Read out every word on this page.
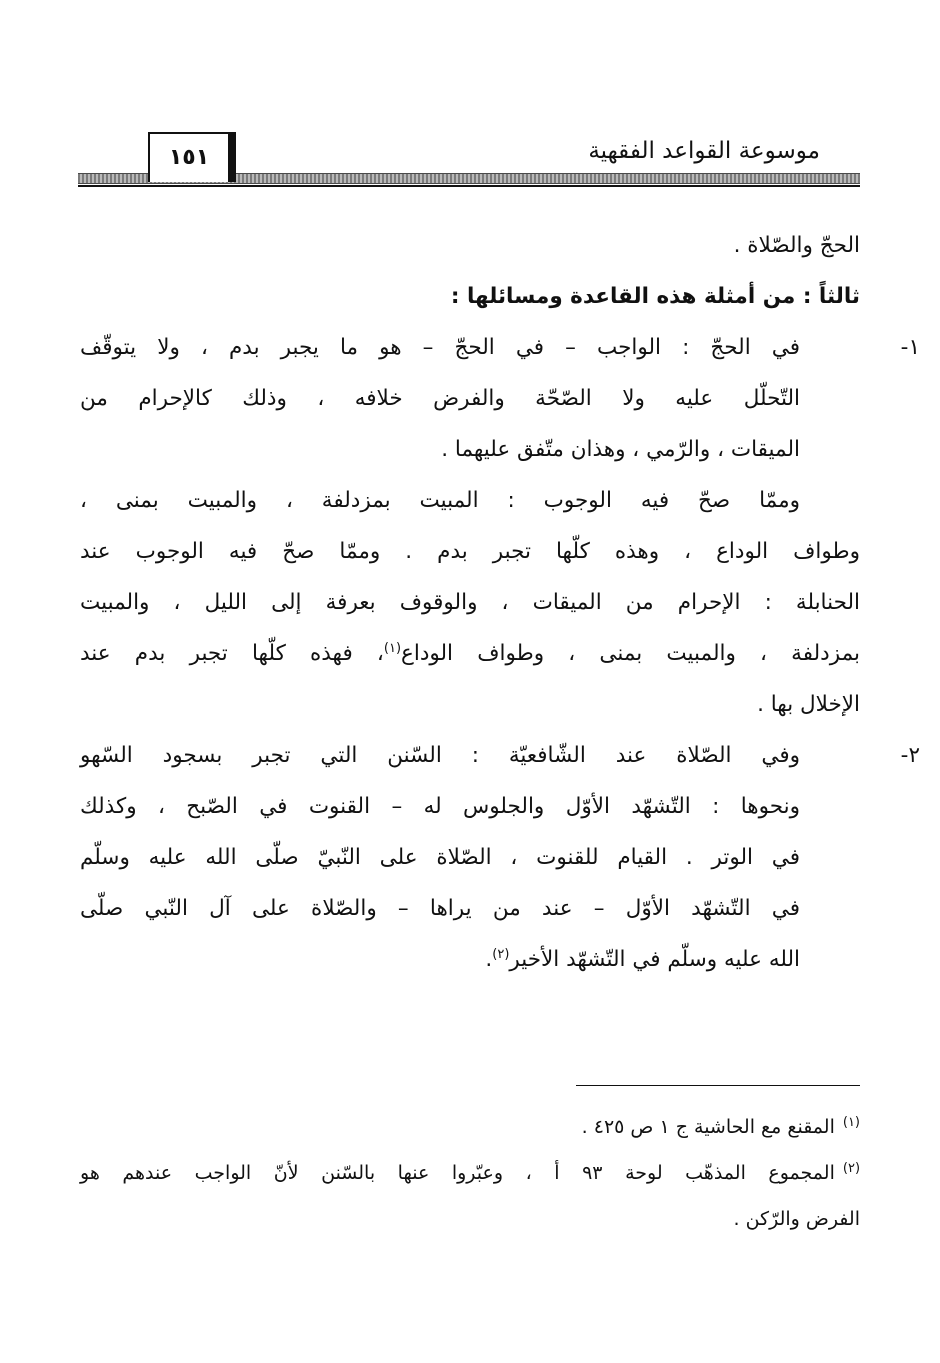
موسوعة القواعد الفقهية
١٥١
الحجّ والصّلاة .
ثالثاً : من أمثلة هذه القاعدة ومسائلها :
١-في الحجّ : الواجب – في الحجّ – هو ما يجبر بدم ، ولا يتوقّف
التّحلّل عليه ولا الصّحّة والفرض خلافه ، وذلك كالإحرام من
الميقات ، والرّمي ، وهذان متّفق عليهما .
وممّا صحّ فيه الوجوب : المبيت بمزدلفة ، والمبيت بمنى ،
وطواف الوداع ، وهذه كلّها تجبر بدم . وممّا صحّ فيه الوجوب عند
الحنابلة : الإحرام من الميقات ، والوقوف بعرفة إلى الليل ، والمبيت
بمزدلفة ، والمبيت بمنى ، وطواف الوداع$^{(١)}$، فهذه كلّها تجبر بدم عند
الإخلال بها .
٢-وفي الصّلاة عند الشّافعيّة : السّنن التي تجبر بسجود السّهو
ونحوها : التّشهّد الأوّل والجلوس له – القنوت في الصّبح ، وكذلك
في الوتر . القيام للقنوت ، الصّلاة على النّبيّ صلّى الله عليه وسلّم
في التّشهّد الأوّل – عند من يراها – والصّلاة على آل النّبي صلّى
الله عليه وسلّم في التّشهّد الأخير$^{(٢)}$.
$^{(١)}$المقنع مع الحاشية ج ١ ص ٤٢٥ .
$^{(٢)}$المجموع المذهّب لوحة ٩٣ أ ، وعبّروا عنها بالسّنن لأنّ الواجب عندهم هو
الفرض والرّكن .
